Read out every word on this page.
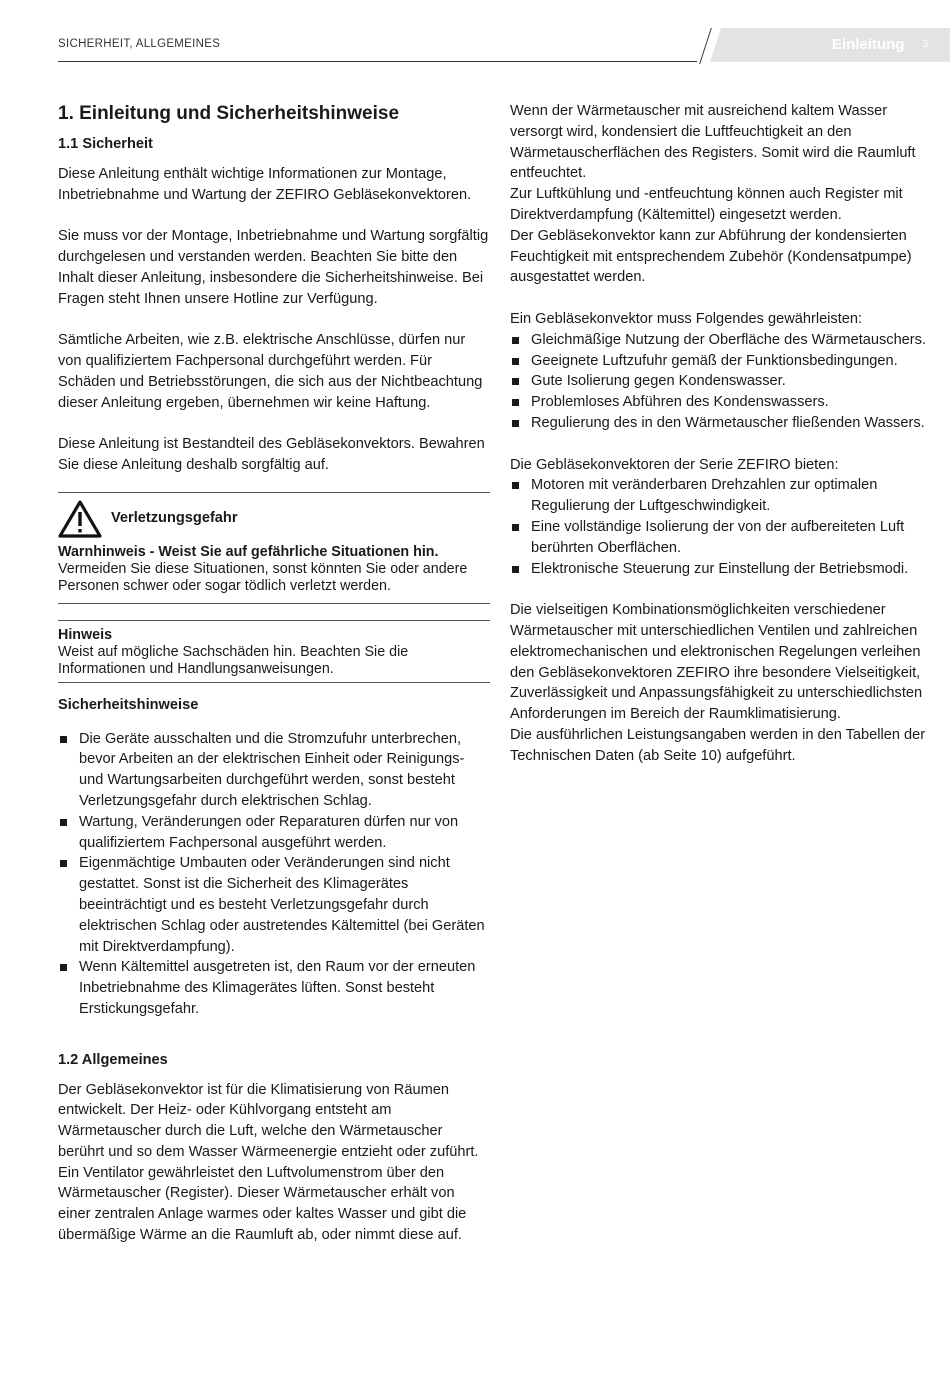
SICHERHEIT, ALLGEMEINES	Einleitung 3

1. Einleitung und Sicherheitshinweise

1.1 Sicherheit

Diese Anleitung enthält wichtige Informationen zur Montage, Inbetriebnahme und Wartung der ZEFIRO Gebläsekonvektoren.

Sie muss vor der Montage, Inbetriebnahme und Wartung sorgfältig durchgelesen und verstanden werden. Beachten Sie bitte den Inhalt dieser Anleitung, insbesondere die Sicherheitshinweise. Bei Fragen steht Ihnen unsere Hotline zur Verfügung.

Sämtliche Arbeiten, wie z.B. elektrische Anschlüsse, dürfen nur von qualifiziertem Fachpersonal durchgeführt werden. Für Schäden und Betriebsstörungen, die sich aus der Nichtbeachtung dieser Anleitung ergeben, übernehmen wir keine Haftung.

Diese Anleitung ist Bestandteil des Gebläsekonvektors. Bewahren Sie diese Anleitung deshalb sorgfältig auf.

Verletzungsgefahr

Warnhinweis - Weist Sie auf gefährliche Situationen hin.

Vermeiden Sie diese Situationen, sonst könnten Sie oder andere Personen schwer oder sogar tödlich verletzt werden.

Hinweis

Weist auf mögliche Sachschäden hin. Beachten Sie die Informationen und Handlungsanweisungen.

Sicherheitshinweise

Die Geräte ausschalten und die Stromzufuhr unterbrechen, bevor Arbeiten an der elektrischen Einheit oder Reinigungs- und Wartungsarbeiten durchgeführt werden, sonst besteht Verletzungsgefahr durch elektrischen Schlag.
Wartung, Veränderungen oder Reparaturen dürfen nur von qualifiziertem Fachpersonal ausgeführt werden.
Eigenmächtige Umbauten oder Veränderungen sind nicht gestattet. Sonst ist die Sicherheit des Klimagerätes beeinträchtigt und es besteht Verletzungsgefahr durch elektrischen Schlag oder austretendes Kältemittel (bei Geräten mit Direktverdampfung).
Wenn Kältemittel ausgetreten ist, den Raum vor der erneuten Inbetriebnahme des Klimagerätes lüften. Sonst besteht Erstickungsgefahr.

1.2 Allgemeines

Der Gebläsekonvektor ist für die Klimatisierung von Räumen entwickelt. Der Heiz- oder Kühlvorgang entsteht am Wärmetauscher durch die Luft, welche den Wärmetauscher berührt und so dem Wasser Wärmeenergie entzieht oder zuführt.

Ein Ventilator gewährleistet den Luftvolumenstrom über den Wärmetauscher (Register). Dieser Wärmetauscher erhält von einer zentralen Anlage warmes oder kaltes Wasser und gibt die übermäßige Wärme an die Raumluft ab, oder nimmt diese auf.

Wenn der Wärmetauscher mit ausreichend kaltem Wasser versorgt wird, kondensiert die Luftfeuchtigkeit an den Wärmetauscherflächen des Registers. Somit wird die Raumluft entfeuchtet.

Zur Luftkühlung und -entfeuchtung können auch Register mit Direktverdampfung (Kältemittel) eingesetzt werden.

Der Gebläsekonvektor kann zur Abführung der kondensierten Feuchtigkeit mit entsprechendem Zubehör (Kondensatpumpe) ausgestattet werden.

Ein Gebläsekonvektor muss Folgendes gewährleisten:

Gleichmäßige Nutzung der Oberfläche des Wärmetauschers.
Geeignete Luftzufuhr gemäß der Funktionsbedingungen.
Gute Isolierung gegen Kondenswasser.
Problemloses Abführen des Kondenswassers.
Regulierung des in den Wärmetauscher fließenden Wassers.

Die Gebläsekonvektoren der Serie ZEFIRO bieten:

Motoren mit veränderbaren Drehzahlen zur optimalen Regulierung der Luftgeschwindigkeit.
Eine vollständige Isolierung der von der aufbereiteten Luft berührten Oberflächen.
Elektronische Steuerung zur Einstellung der Betriebsmodi.

Die vielseitigen Kombinationsmöglichkeiten verschiedener Wärmetauscher mit unterschiedlichen Ventilen und zahlreichen elektromechanischen und elektronischen Regelungen verleihen den Gebläsekonvektoren ZEFIRO ihre besondere Vielseitigkeit, Zuverlässigkeit und Anpassungsfähigkeit zu unterschiedlichsten Anforderungen im Bereich der Raumklimatisierung.

Die ausführlichen Leistungsangaben werden in den Tabellen der Technischen Daten (ab Seite 10) aufgeführt.
